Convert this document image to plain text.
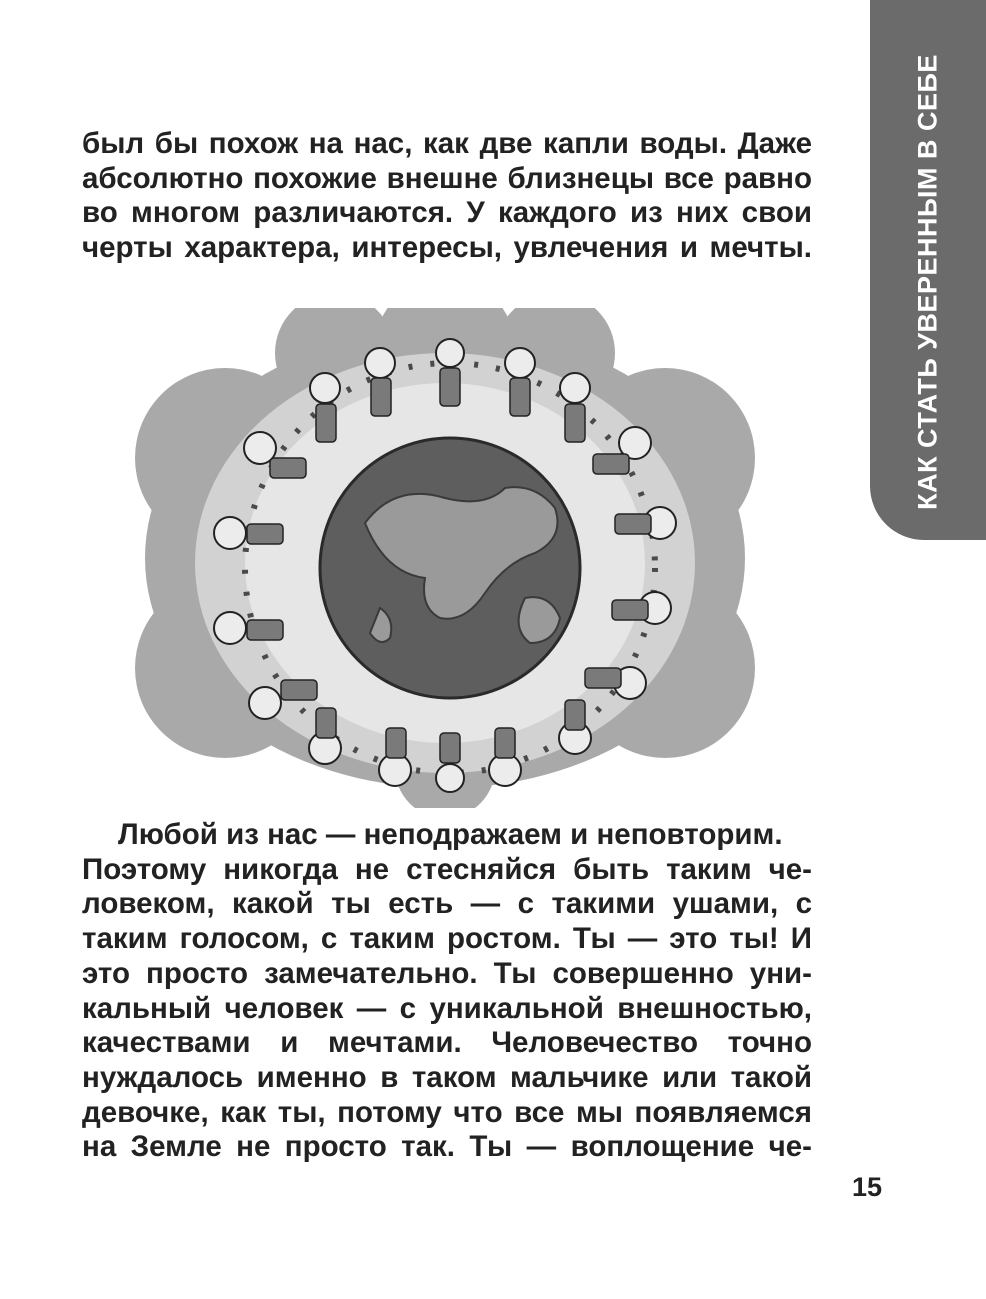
КАК СТАТЬ УВЕРЕННЫМ В СЕБЕ
был бы похож на нас, как две капли воды. Даже
абсолютно похожие внешне близнецы все равно
во многом различаются. У каждого из них свои
черты характера, интересы, увлечения и мечты.
Любой из нас — неподражаем и неповторим.
Поэтому никогда не стесняйся быть таким че-
ловеком, какой ты есть — с такими ушами, с
таким голосом, с таким ростом. Ты — это ты! И
это просто замечательно. Ты совершенно уни-
кальный человек — с уникальной внешностью,
качествами и мечтами. Человечество точно
нуждалось именно в таком мальчике или такой
девочке, как ты, потому что все мы появляемся
на Земле не просто так. Ты — воплощение че-
15
